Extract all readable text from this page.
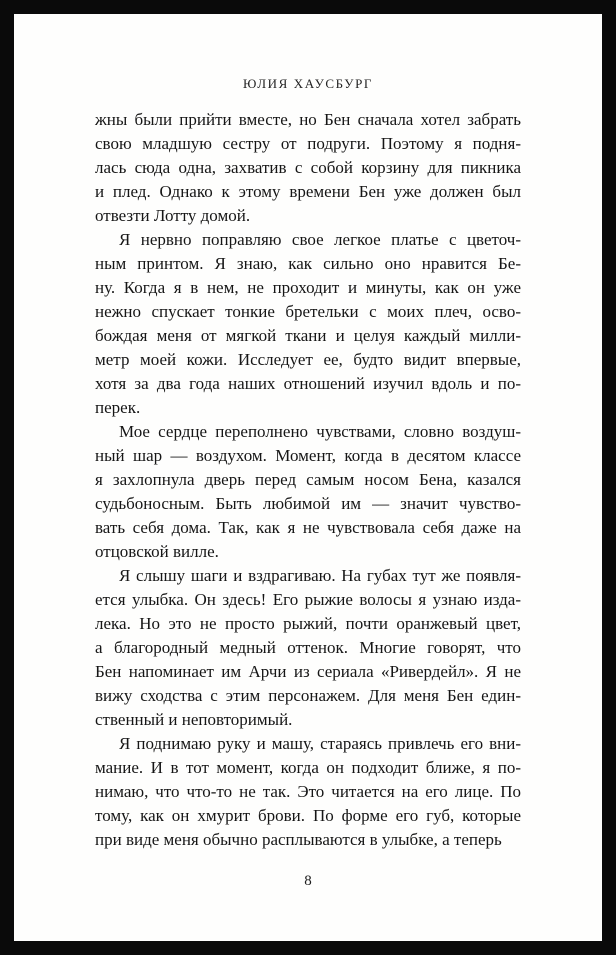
ЮЛИЯ ХАУСБУРГ

жны были прийти вместе, но Бен сначала хотел забрать
свою младшую сестру от подруги. Поэтому я подня-
лась сюда одна, захватив с собой корзину для пикника
и плед. Однако к этому времени Бен уже должен был
отвезти Лотту домой.

Я нервно поправляю свое легкое платье с цветоч-
ным принтом. Я знаю, как сильно оно нравится Бе-
ну. Когда я в нем, не проходит и минуты, как он уже
нежно спускает тонкие бретельки с моих плеч, осво-
бождая меня от мягкой ткани и целуя каждый милли-
метр моей кожи. Исследует ее, будто видит впервые,
хотя за два года наших отношений изучил вдоль и по-
перек.

Мое сердце переполнено чувствами, словно воздуш-
ный шар — воздухом. Момент, когда в десятом классе
я захлопнула дверь перед самым носом Бена, казался
судьбоносным. Быть любимой им — значит чувство-
вать себя дома. Так, как я не чувствовала себя даже на
отцовской вилле.

Я слышу шаги и вздрагиваю. На губах тут же появля-
ется улыбка. Он здесь! Его рыжие волосы я узнаю изда-
лека. Но это не просто рыжий, почти оранжевый цвет,
а благородный медный оттенок. Многие говорят, что
Бен напоминает им Арчи из сериала «Ривердейл». Я не
вижу сходства с этим персонажем. Для меня Бен един-
ственный и неповторимый.

Я поднимаю руку и машу, стараясь привлечь его вни-
мание. И в тот момент, когда он подходит ближе, я по-
нимаю, что что-то не так. Это читается на его лице. По
тому, как он хмурит брови. По форме его губ, которые
при виде меня обычно расплываются в улыбке, а теперь

8
